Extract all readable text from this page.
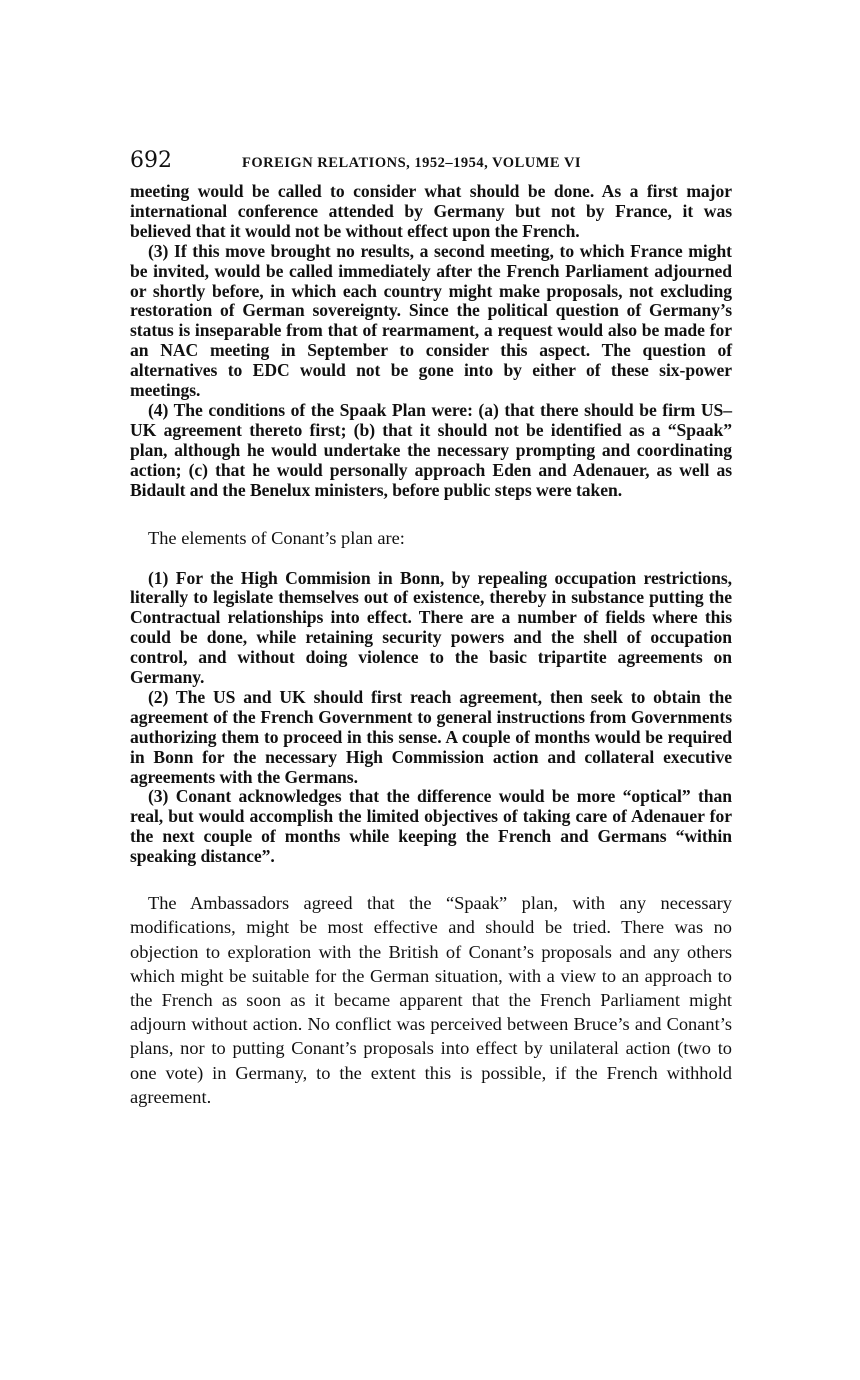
692	FOREIGN RELATIONS, 1952–1954, VOLUME VI

meeting would be called to consider what should be done. As a first major international conference attended by Germany but not by France, it was believed that it would not be without effect upon the French.

(3) If this move brought no results, a second meeting, to which France might be invited, would be called immediately after the French Parliament adjourned or shortly before, in which each country might make proposals, not excluding restoration of German sovereignty. Since the political question of Germany’s status is inseparable from that of rearmament, a request would also be made for an NAC meeting in September to consider this aspect. The question of alternatives to EDC would not be gone into by either of these six-power meetings.

(4) The conditions of the Spaak Plan were: (a) that there should be firm US–UK agreement thereto first; (b) that it should not be identified as a “Spaak” plan, although he would undertake the necessary prompting and coordinating action; (c) that he would personally approach Eden and Adenauer, as well as Bidault and the Benelux ministers, before public steps were taken.

The elements of Conant’s plan are:

(1) For the High Commision in Bonn, by repealing occupation restrictions, literally to legislate themselves out of existence, thereby in substance putting the Contractual relationships into effect. There are a number of fields where this could be done, while retaining security powers and the shell of occupation control, and without doing violence to the basic tripartite agreements on Germany.

(2) The US and UK should first reach agreement, then seek to obtain the agreement of the French Government to general instructions from Governments authorizing them to proceed in this sense. A couple of months would be required in Bonn for the necessary High Commission action and collateral executive agreements with the Germans.

(3) Conant acknowledges that the difference would be more “optical” than real, but would accomplish the limited objectives of taking care of Adenauer for the next couple of months while keeping the French and Germans “within speaking distance”.

The Ambassadors agreed that the “Spaak” plan, with any necessary modifications, might be most effective and should be tried. There was no objection to exploration with the British of Conant’s proposals and any others which might be suitable for the German situation, with a view to an approach to the French as soon as it became apparent that the French Parliament might adjourn without action. No conflict was perceived between Bruce’s and Conant’s plans, nor to putting Conant’s proposals into effect by unilateral action (two to one vote) in Germany, to the extent this is possible, if the French withhold agreement.
